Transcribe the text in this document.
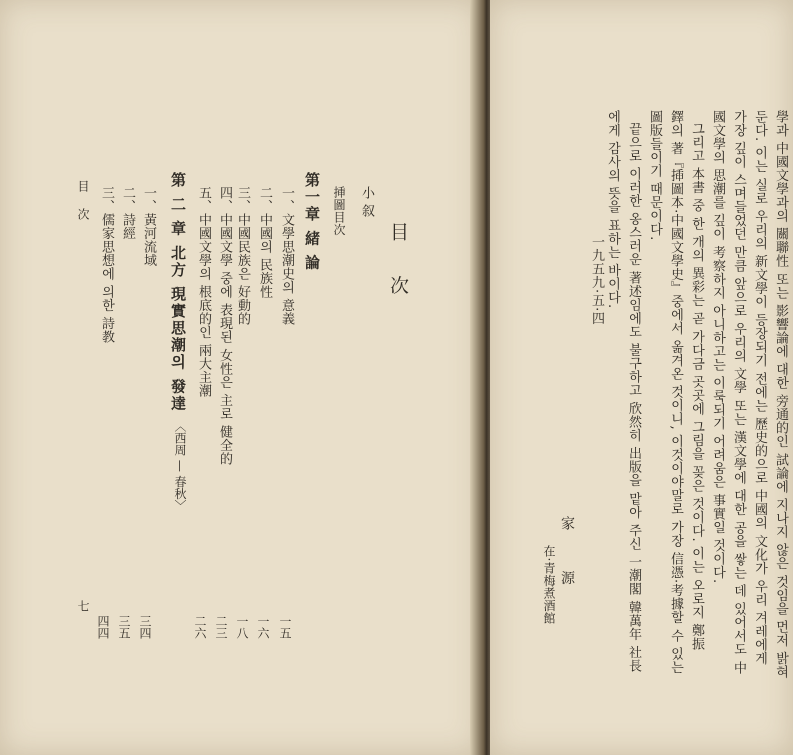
目 次
小 叙
挿圖目次
第一章 緒 論
一、文學思潮史의 意義
一五
二、中國의 民族性
一六
三、中國民族은 好動的
一八
四、中國文學 중에 表現된 女性은 主로 健全的
二三
五、中國文學의 根底的인 兩大主潮
二六
第 二 章 北方 現實思潮의 發達
〈西周 — 春秋〉
一、黃河流域
三四
二、詩經
三五
三、儒家思想에 의한 詩教
四四
目 次
七	學과 中國文學과의 關聯性 또는 影響論에 대한 旁通的인 試論에 지나지 않은 것임을 먼저 밝혀
둔다. 이는 실로 우리의 新文學이 등장되기 전에는 歷史的으로 中國의 文化가 우리 겨레에게
가장 깊이 스며들었던 만큼 앞으로 우리의 文學 또는 漢文學에 대한 공을 쌓는 데 있어서도 中
國文學의 思潮를 깊이 考察하지 아니하고는 이룩되기 어려움은 事實일 것이다.
그리고 本書 중 한 개의 異彩는 곧 가다금 곳곳에 그림을 꽂은 것이다. 이는 오로지 鄭振
鐸의 著『揷圖本·中國文學史』중에서 옮겨온 것이니, 이것이야말로 가장 信憑·考據할 수 있는
圖版들이기 때문이다.
끝으로 이러한 옹스러운 著述임에도 불구하고 欣然히 出版을 맡아 주신 一潮閣 韓萬年 社長
에게 감사의 뜻을 표하는 바이다.
一九五九·五·四
家 源
在·青梅煮酒館
